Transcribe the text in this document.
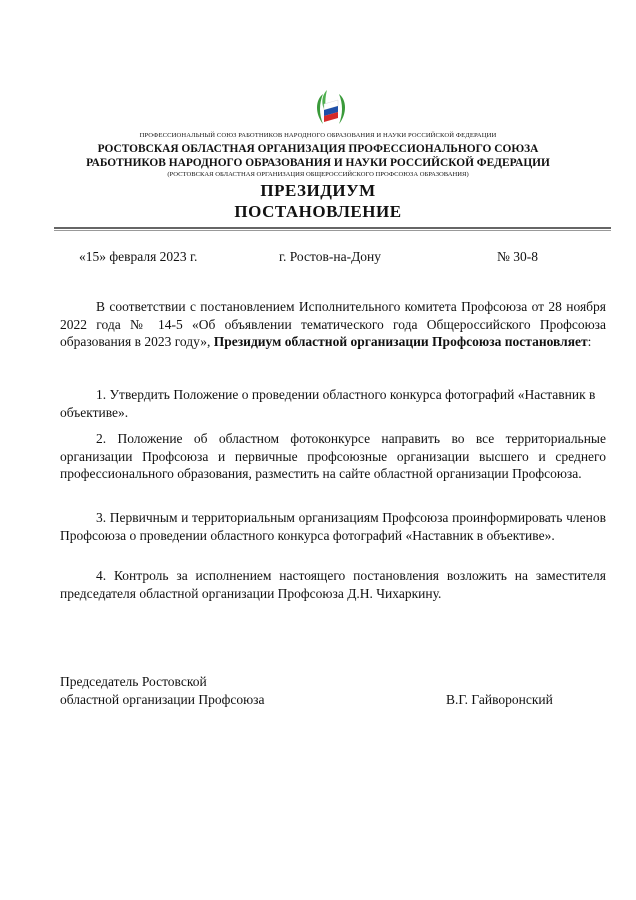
ПРОФЕССИОНАЛЬНЫЙ СОЮЗ РАБОТНИКОВ НАРОДНОГО ОБРАЗОВАНИЯ И НАУКИ РОССИЙСКОЙ ФЕДЕРАЦИИ
РОСТОВСКАЯ ОБЛАСТНАЯ ОРГАНИЗАЦИЯ ПРОФЕССИОНАЛЬНОГО СОЮЗА
РАБОТНИКОВ НАРОДНОГО ОБРАЗОВАНИЯ И НАУКИ РОССИЙСКОЙ ФЕДЕРАЦИИ
(РОСТОВСКАЯ ОБЛАСТНАЯ ОРГАНИЗАЦИЯ ОБЩЕРОССИЙСКОГО ПРОФСОЮЗА ОБРАЗОВАНИЯ)
ПРЕЗИДИУМ
ПОСТАНОВЛЕНИЕ
«15» февраля 2023 г.	г. Ростов-на-Дону	№ 30-8
В соответствии с постановлением Исполнительного комитета Профсоюза от 28 ноября 2022 года № 14-5 «Об объявлении тематического года Общероссийского Профсоюза образования в 2023 году», Президиум областной организации Профсоюза постановляет:
1. Утвердить Положение о проведении областного конкурса фотографий «Наставник в объективе».
2. Положение об областном фотоконкурсе направить во все территориальные организации Профсоюза и первичные профсоюзные организации высшего и среднего профессионального образования, разместить на сайте областной организации Профсоюза.
3. Первичным и территориальным организациям Профсоюза проинформировать членов Профсоюза о проведении областного конкурса фотографий «Наставник в объективе».
4. Контроль за исполнением настоящего постановления возложить на заместителя председателя областной организации Профсоюза Д.Н. Чихаркину.
Председатель Ростовской
областной организации Профсоюза	В.Г. Гайворонский
